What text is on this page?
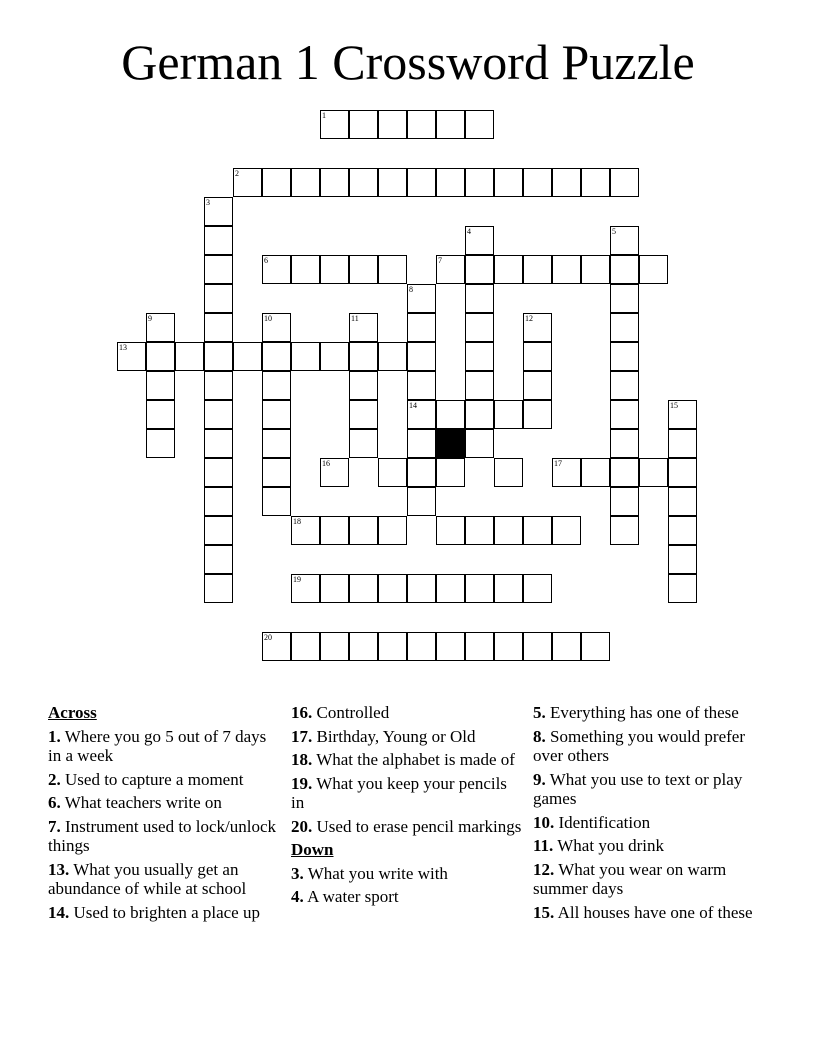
German 1 Crossword Puzzle
1
2
3
4	5
6	7
8
9	10	11	12
13
14	15
16	17
18
19
20
Across
1. Where you go 5 out of 7 days in a week
2. Used to capture a moment
6. What teachers write on
7. Instrument used to lock/unlock things
13. What you usually get an abundance of while at school
14. Used to brighten a place up
16. Controlled
17. Birthday, Young or Old
18. What the alphabet is made of
19. What you keep your pencils in
20. Used to erase pencil markings
Down
3. What you write with
4. A water sport
5. Everything has one of these
8. Something you would prefer over others
9. What you use to text or play games
10. Identification
11. What you drink
12. What you wear on warm summer days
15. All houses have one of these
